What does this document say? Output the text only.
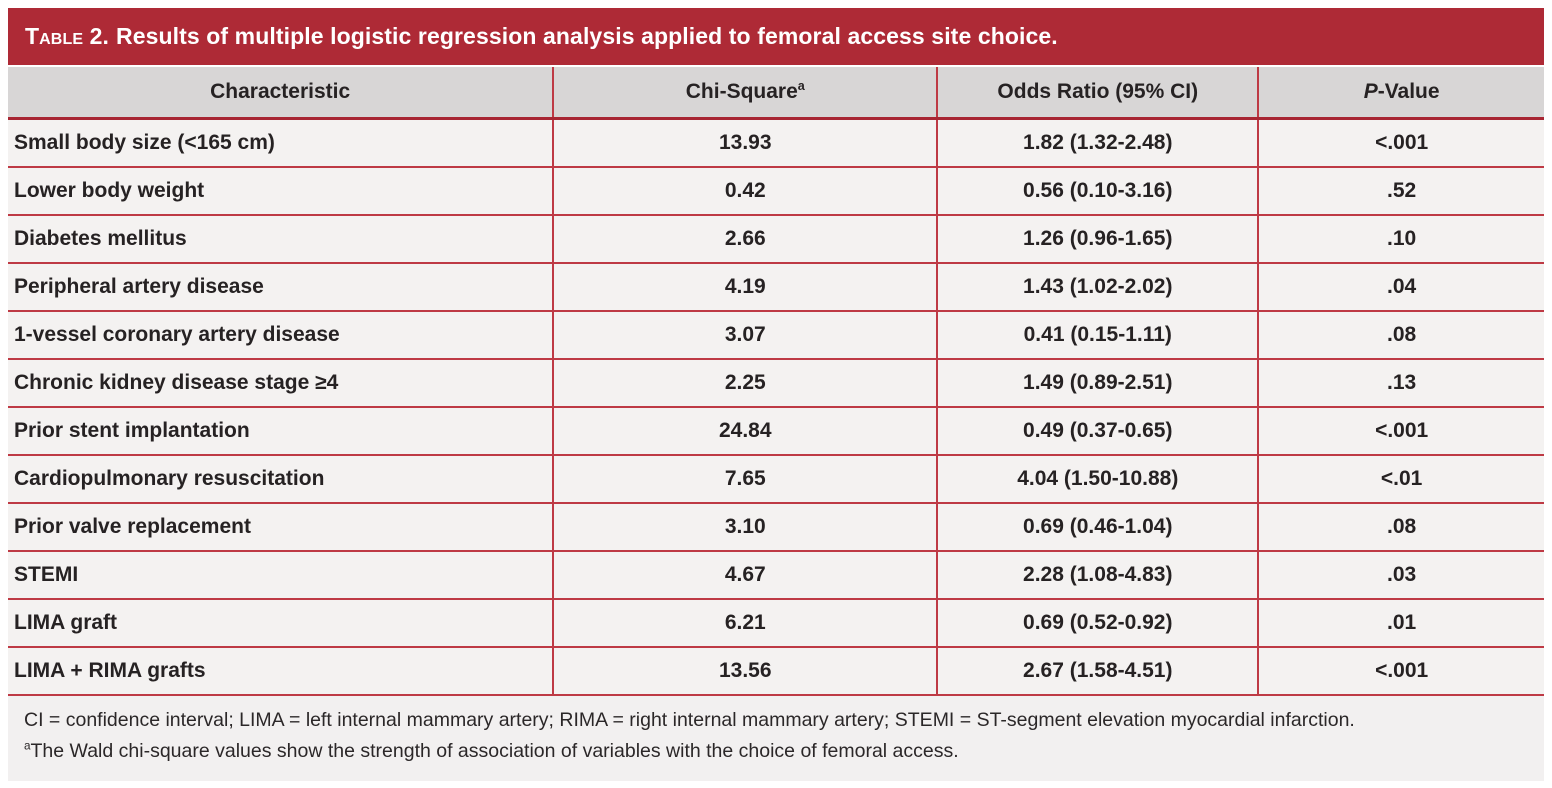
Table 2. Results of multiple logistic regression analysis applied to femoral access site choice.
Characteristic	Chi-Square$^a$	Odds Ratio (95% CI)	P-Value
Small body size (<165 cm)	13.93	1.82 (1.32-2.48)	<.001
Lower body weight	0.42	0.56 (0.10-3.16)	.52
Diabetes mellitus	2.66	1.26 (0.96-1.65)	.10
Peripheral artery disease	4.19	1.43 (1.02-2.02)	.04
1-vessel coronary artery disease	3.07	0.41 (0.15-1.11)	.08
Chronic kidney disease stage ≥4	2.25	1.49 (0.89-2.51)	.13
Prior stent implantation	24.84	0.49 (0.37-0.65)	<.001
Cardiopulmonary resuscitation	7.65	4.04 (1.50-10.88)	<.01
Prior valve replacement	3.10	0.69 (0.46-1.04)	.08
STEMI	4.67	2.28 (1.08-4.83)	.03
LIMA graft	6.21	0.69 (0.52-0.92)	.01
LIMA + RIMA grafts	13.56	2.67 (1.58-4.51)	<.001

CI = confidence interval; LIMA = left internal mammary artery; RIMA = right internal mammary artery; STEMI = ST-segment elevation myocardial infarction.

$^a$The Wald chi-square values show the strength of association of variables with the choice of femoral access.
